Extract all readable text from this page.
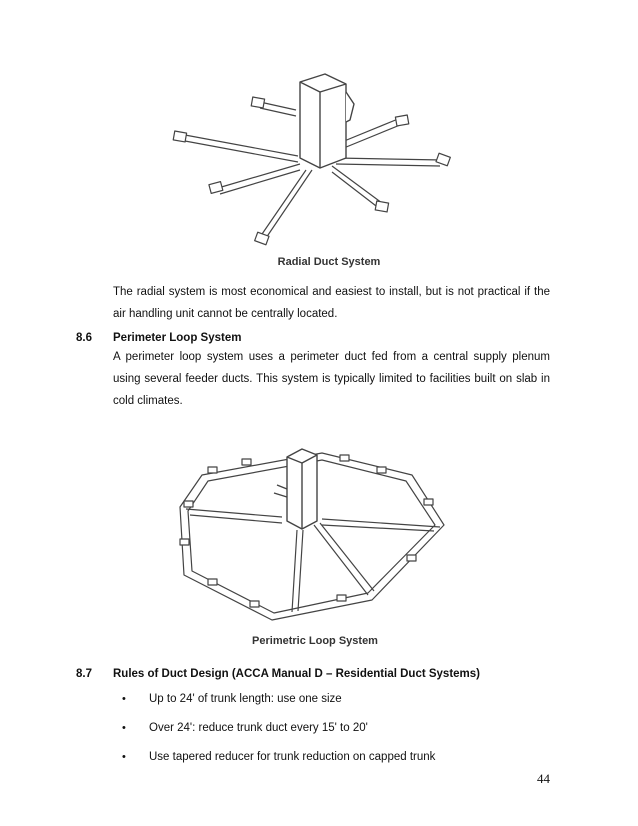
Radial Duct System
The radial system is most economical and easiest to install, but is not practical if the air handling unit cannot be centrally located.
8.6 Perimeter Loop System
A perimeter loop system uses a perimeter duct fed from a central supply plenum using several feeder ducts. This system is typically limited to facilities built on slab in cold climates.
Perimetric Loop System
8.7 Rules of Duct Design (ACCA Manual D – Residential Duct Systems)
• Up to 24' of trunk length: use one size
• Over 24': reduce trunk duct every 15' to 20'
• Use tapered reducer for trunk reduction on capped trunk
44
